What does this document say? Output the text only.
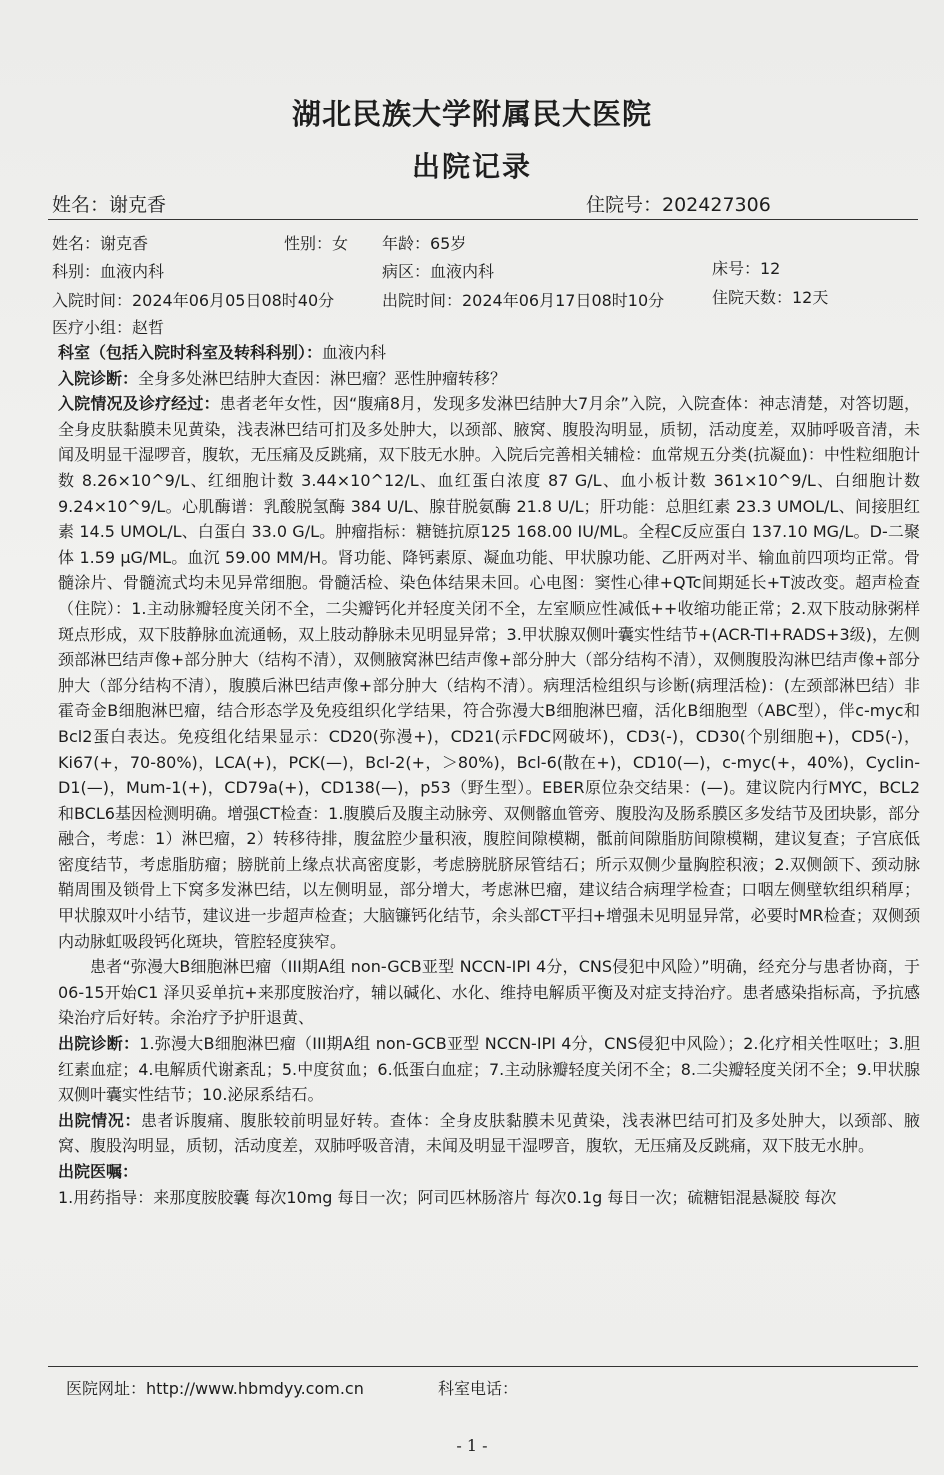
湖北民族大学附属民大医院
出院记录
姓名：谢克香	住院号：202427306
姓名：谢克香	性别：女 年龄：65岁
科别：血液内科	病区：血液内科	床号：12
入院时间：2024年06月05日08时40分	出院时间：2024年06月17日08时10分	住院天数：12天
医疗小组：赵哲

科室（包括入院时科室及转科科别）：血液内科

入院诊断：全身多处淋巴结肿大查因：淋巴瘤？恶性肿瘤转移？

入院情况及诊疗经过：患者老年女性，因“腹痛8月，发现多发淋巴结肿大7月余”入院，入院查体：神志清楚，对答切题，全身皮肤黏膜未见黄染，浅表淋巴结可扪及多处肿大，以颈部、腋窝、腹股沟明显，质韧，活动度差，双肺呼吸音清，未闻及明显干湿啰音，腹软，无压痛及反跳痛，双下肢无水肿。入院后完善相关辅检：血常规五分类(抗凝血)：中性粒细胞计数 8.26×10^9/L、红细胞计数 3.44×10^12/L、血红蛋白浓度 87 G/L、血小板计数 361×10^9/L、白细胞计数 9.24×10^9/L。心肌酶谱：乳酸脱氢酶 384 U/L、腺苷脱氨酶 21.8 U/L；肝功能：总胆红素 23.3 UMOL/L、间接胆红素 14.5 UMOL/L、白蛋白 33.0 G/L。肿瘤指标：糖链抗原125 168.00 IU/ML。全程C反应蛋白 137.10 MG/L。D-二聚体 1.59 μG/ML。血沉 59.00 MM/H。肾功能、降钙素原、凝血功能、甲状腺功能、乙肝两对半、输血前四项均正常。骨髓涂片、骨髓流式均未见异常细胞。骨髓活检、染色体结果未回。心电图：窦性心律+QTc间期延长+T波改变。超声检查（住院）：1.主动脉瓣轻度关闭不全，二尖瓣钙化并轻度关闭不全，左室顺应性减低++收缩功能正常；2.双下肢动脉粥样斑点形成，双下肢静脉血流通畅，双上肢动静脉未见明显异常；3.甲状腺双侧叶囊实性结节+(ACR-TI+RADS+3级)，左侧颈部淋巴结声像+部分肿大（结构不清），双侧腋窝淋巴结声像+部分肿大（部分结构不清），双侧腹股沟淋巴结声像+部分肿大（部分结构不清），腹膜后淋巴结声像+部分肿大（结构不清）。病理活检组织与诊断(病理活检)：(左颈部淋巴结）非霍奇金B细胞淋巴瘤，结合形态学及免疫组织化学结果，符合弥漫大B细胞淋巴瘤，活化B细胞型（ABC型），伴c-myc和Bcl2蛋白表达。免疫组化结果显示：CD20(弥漫+)，CD21(示FDC网破坏)，CD3(-)，CD30(个别细胞+)，CD5(-)，Ki67(+，70-80%)，LCA(+)，PCK(—)，Bcl-2(+，＞80%)，Bcl-6(散在+)，CD10(—)，c-myc(+，40%)，Cyclin-D1(—)，Mum-1(+)，CD79a(+)，CD138(—)，p53（野生型）。EBER原位杂交结果：(—)。建议院内行MYC，BCL2和BCL6基因检测明确。增强CT检查：1.腹膜后及腹主动脉旁、双侧髂血管旁、腹股沟及肠系膜区多发结节及团块影，部分融合，考虑：1）淋巴瘤，2）转移待排，腹盆腔少量积液，腹腔间隙模糊，骶前间隙脂肪间隙模糊，建议复查；子宫底低密度结节，考虑脂肪瘤；膀胱前上缘点状高密度影，考虑膀胱脐尿管结石；所示双侧少量胸腔积液；2.双侧颌下、颈动脉鞘周围及锁骨上下窝多发淋巴结，以左侧明显，部分增大，考虑淋巴瘤，建议结合病理学检查；口咽左侧壁软组织稍厚；甲状腺双叶小结节，建议进一步超声检查；大脑镰钙化结节，余头部CT平扫+增强未见明显异常，必要时MR检查；双侧颈内动脉虹吸段钙化斑块，管腔轻度狭窄。

患者“弥漫大B细胞淋巴瘤（III期A组 non-GCB亚型 NCCN-IPI 4分，CNS侵犯中风险）”明确，经充分与患者协商，于06-15开始C1 泽贝妥单抗+来那度胺治疗，辅以碱化、水化、维持电解质平衡及对症支持治疗。患者感染指标高，予抗感染治疗后好转。余治疗予护肝退黄、

出院诊断：1.弥漫大B细胞淋巴瘤（III期A组 non-GCB亚型 NCCN-IPI 4分，CNS侵犯中风险）；2.化疗相关性呕吐；3.胆红素血症；4.电解质代谢紊乱；5.中度贫血；6.低蛋白血症；7.主动脉瓣轻度关闭不全；8.二尖瓣轻度关闭不全；9.甲状腺双侧叶囊实性结节；10.泌尿系结石。

出院情况：患者诉腹痛、腹胀较前明显好转。查体：全身皮肤黏膜未见黄染，浅表淋巴结可扪及多处肿大，以颈部、腋窝、腹股沟明显，质韧，活动度差，双肺呼吸音清，未闻及明显干湿啰音，腹软，无压痛及反跳痛，双下肢无水肿。

出院医嘱：

1.用药指导：来那度胺胶囊 每次10mg 每日一次；阿司匹林肠溶片 每次0.1g 每日一次；硫糖铝混悬凝胶 每次

医院网址：http://www.hbmdyy.com.cn	科室电话：
- 1 -
